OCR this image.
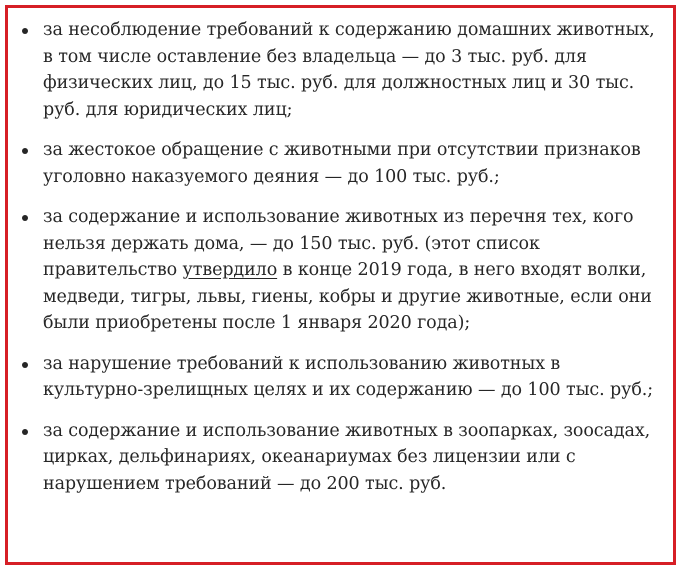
за несоблюдение требований к содержанию домашних животных, в том числе оставление без владельца — до 3 тыс. руб. для физических лиц, до 15 тыс. руб. для должностных лиц и 30 тыс. руб. для юридических лиц;
за жестокое обращение с животными при отсутствии признаков уголовно наказуемого деяния — до 100 тыс. руб.;
за содержание и использование животных из перечня тех, кого нельзя держать дома, — до 150 тыс. руб. (этот список правительство утвердило в конце 2019 года, в него входят волки, медведи, тигры, львы, гиены, кобры и другие животные, если они были приобретены после 1 января 2020 года);
за нарушение требований к использованию животных в культурно-зрелищных целях и их содержанию — до 100 тыс. руб.;
за содержание и использование животных в зоопарках, зоосадах, цирках, дельфинариях, океанариумах без лицензии или с нарушением требований — до 200 тыс. руб.
